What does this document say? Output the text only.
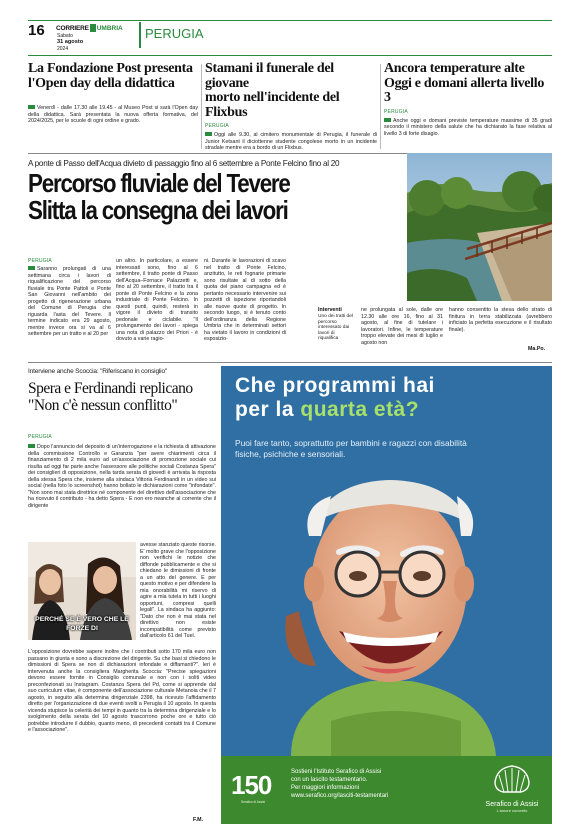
16 CORRIERE UMBRIA
Sabato
31 agosto
2024
PERUGIA
La Fondazione Post presenta
l'Open day della didattica
Venerdì - dalle 17.30 alle 19.45 - al Museo Post si sarà l'Open day della didattica. Sarà presentata la nuova offerta formativa, del 2024/2025, per le scuole di ogni ordine e grado.
Stamani il funerale del giovane
morto nell'incidente del Flixbus
PERUGIA
Oggi alle 9.30, al cimitero monumentale di Perugia, il funerale di Junior Ketsant il diciottenne studente congolese morto in un incidente stradale mentre era a bordo di un Flixbus.
Ancora temperature alte
Oggi e domani allerta livello 3
PERUGIA
Anche oggi e domani previste temperature massime di 35 gradi secondo il ministero della salute che ha dichiarato la fase relativa al livello 3 di forte disagio.
A ponte di Passo dell'Acqua divieto di passaggio fino al 6 settembre a Ponte Felcino fino al 20
Percorso fluviale del Tevere
Slitta la consegna dei lavori
PERUGIA
Saranno prolungati di una settimana circa i lavori di riqualificazione del percorso fluviale tra Ponte Pattoli e Ponte San Giovanni nell'ambito del progetto di rigenerazione urbana del Comune di Perugia che riguarda l'asta del Tevere. Il termine indicato era 29 agosto, mentre invece ora si va al 6 settembre per un tratto e al 20 per
un altro. In particolare, a essere interessati sono, fino al 6 settembre, il tratto ponte di Passo dell'Acqua–Fornace Palazzetti e, fino al 20 settembre, il tratto tra il ponte di Ponte Felcino e la zona industriale di Ponte Felcino. In questi punti, quindi, resterà in vigore il divieto di transito pedonale e ciclabile. "Il prolungamento dei lavori - spiega una nota di palazzo dei Priori - è dovuto a varie ragio-
ni. Durante le lavorazioni di scavo nel tratto di Ponte Felcino, anzitutto, le reti fognarie primarie sono risultate al di sotto della quota del piano campagna ed è pertanto necessario intervenire sui pozzetti di ispezione riportandoli alle nuove quote di progetto. In secondo luogo, si è tenuto conto dell'ordinanza della Regione Umbria che in determinati settori ha vietato il lavoro in condizioni di esposizio-
Interventi
Uno dei tratti del percorso interessato dai lavori di riqualifica
ne prolungata al sole, dalle ore 12.30 alle ore 16, fino al 31 agosto, al fine di tutelare i lavoratori. Infine, le temperature troppo elevate dei mesi di luglio e agosto non
hanno consentito la stesa dello strato di finitura in terra stabilizzata (avrebbero inficiato la perfetta esecuzione e il risultato finale).
Ma.Po.
Interviene anche Scoccia: "Riferiscano in consiglio"
Spera e Ferdinandi replicano
"Non c'è nessun conflitto"
PERUGIA
Dopo l'annuncio del deposito di un'interrogazione e la richiesta di attivazione della commissione Controllo e Garanzia "per avere chiarimenti circa il finanziamento di 2 mila euro ad un'associazione di promozione sociale cui risulta ad oggi far parte anche l'assessore alle politiche sociali Costanza Spera" dei consiglieri di opposizione, nella tarda serata di giovedì è arrivata la risposta della stessa Spera che, insieme alla sindaca Vittoria Ferdinandi in un video sui social (nella foto lo screenshot) hanno bollato le dichiarazioni come "infondate". "Non sono mai stata direttrice né componente del direttivo dell'associazione che ha ricevuto il contributo - ha detto Spera - E non ero neanche al corrente che il dirigente
PERCHÉ SE È VERO CHE LE FORZE DI
avesse stanziato queste risorse. E' molto grave che l'opposizione non verifichi le notizie che diffonde pubblicamente e che si chiedano le dimissioni di fronte a un atto del genere. E per questo motivo e per difendere la mia onorabilità mi riservo di agire a mia tutela in tutti i luoghi opportuni, compresi quelli legali". La sindaca ha aggiunto: "Dato che non è mai stata nel direttivo non esiste incompatibilità come previsto dall'articolo 61 del Tuel.
L'opposizione dovrebbe sapere inoltre che i contributi sotto 170 mila euro non passano in giunta e sono a discrezione del dirigente. Su che basi si chiedono le dimissioni di Spera se non di dichiarazioni infondate e diffamanti?". Ieri è intervenuta anche la consigliera Margherita Scoccia: "Precise spiegazioni devono essere fornite in Consiglio comunale e non con i soliti video preconfezionati su Instagram. Costanza Spera del Pd, come si apprende dal suo curriculum vitae, è componente dell'associazione culturale Metanoia che il 7 agosto, in seguito alla determina dirigenziale 2398, ha ricevuto l'affidamento diretto per l'organizzazione di due eventi svolti a Perugia il 10 agosto. In questa vicenda stupisce la celerità dei tempi in quanto tra la determina dirigenziale e lo svolgimento della serata del 10 agosto trascorrono poche ore e tutto ciò potrebbe introdurre il dubbio, quanto meno, di precedenti contatti tra il Comune e l'associazione".
F.M.
Che programmi hai
per la quarta età?
Puoi fare tanto, soprattutto per bambini e ragazzi con disabilità fisiche, psichiche e sensoriali.
150
Serafico di Assisi
Sostieni l'Istituto Serafico di Assisi
con un lascito testamentario.
Per maggiori informazioni
www.serafico.org/lasciti-testamentari
Serafico di Assisi
L'amore concreto
